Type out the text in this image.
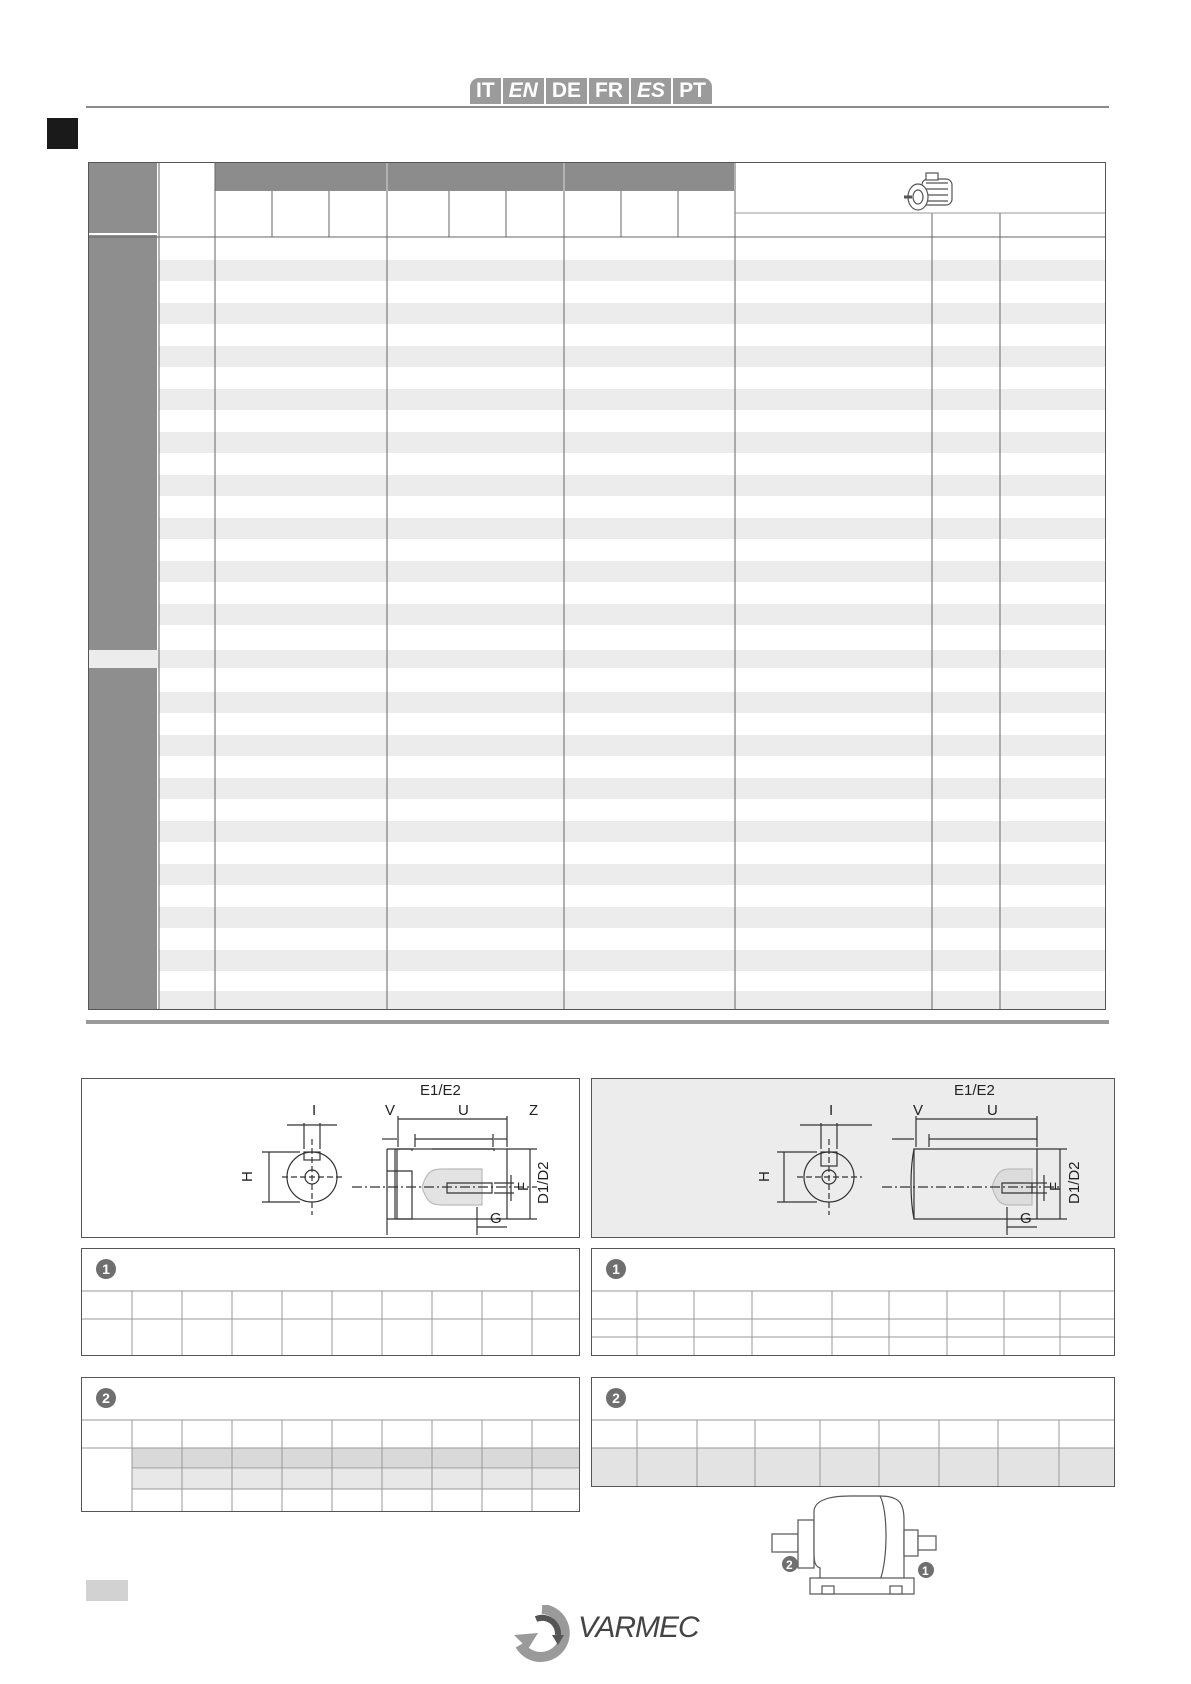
IT EN DE FR ES PT
E1/E2
I	V	U	Z
H
F D1/D2
G
E1/E2
I	V	U
H
F D1/D2
G
1	1
2	2
2	1
VARMEC
